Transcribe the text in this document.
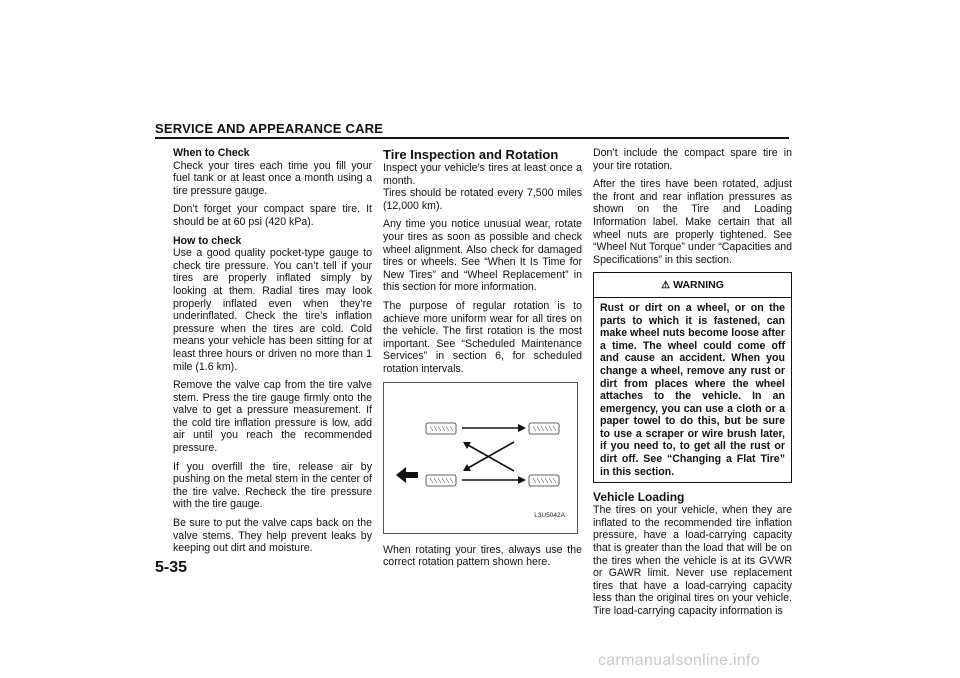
SERVICE AND APPEARANCE CARE

When to Check
Check your tires each time you fill your fuel tank or at least once a month using a tire pressure gauge.

Don’t forget your compact spare tire. It should be at 60 psi (420 kPa).

How to check
Use a good quality pocket-type gauge to check tire pressure. You can’t tell if your tires are properly inflated simply by looking at them. Radial tires may look properly inflated even when they’re underinflated. Check the tire’s inflation pressure when the tires are cold. Cold means your vehicle has been sitting for at least three hours or driven no more than 1 mile (1.6 km).

Remove the valve cap from the tire valve stem. Press the tire gauge firmly onto the valve to get a pressure measurement. If the cold tire inflation pressure is low, add air until you reach the recommended pressure.

If you overfill the tire, release air by pushing on the metal stem in the center of the tire valve. Recheck the tire pressure with the tire gauge.

Be sure to put the valve caps back on the valve stems. They help prevent leaks by keeping out dirt and moisture.

Tire Inspection and Rotation
Inspect your vehicle’s tires at least once a month.
Tires should be rotated every 7,500 miles (12,000 km).

Any time you notice unusual wear, rotate your tires as soon as possible and check wheel alignment. Also check for damaged tires or wheels. See “When It Is Time for New Tires” and “Wheel Replacement” in this section for more information.

The purpose of regular rotation is to achieve more uniform wear for all tires on the vehicle. The first rotation is the most important. See “Scheduled Maintenance Services” in section 6, for scheduled rotation intervals.

L3U5042A

When rotating your tires, always use the correct rotation pattern shown here.

Don’t include the compact spare tire in your tire rotation.

After the tires have been rotated, adjust the front and rear inflation pressures as shown on the Tire and Loading Information label. Make certain that all wheel nuts are properly tightened. See “Wheel Nut Torque” under “Capacities and Specifications” in this section.

⚠ WARNING
Rust or dirt on a wheel, or on the parts to which it is fastened, can make wheel nuts become loose after a time. The wheel could come off and cause an accident. When you change a wheel, remove any rust or dirt from places where the wheel attaches to the vehicle. In an emergency, you can use a cloth or a paper towel to do this, but be sure to use a scraper or wire brush later, if you need to, to get all the rust or dirt off. See “Changing a Flat Tire” in this section.

Vehicle Loading
The tires on your vehicle, when they are inflated to the recommended tire inflation pressure, have a load-carrying capacity that is greater than the load that will be on the tires when the vehicle is at its GVWR or GAWR limit. Never use replacement tires that have a load-carrying capacity less than the original tires on your vehicle. Tire load-carrying capacity information is

5-35
carmanualsonline.info
